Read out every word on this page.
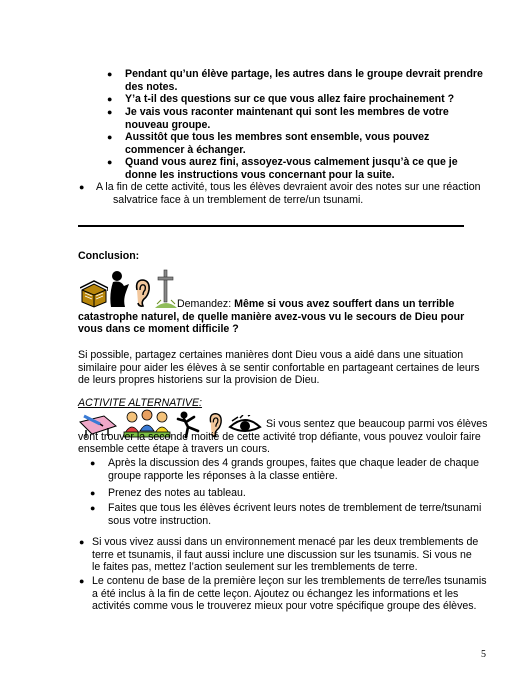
● Pendant qu’un élève partage, les autres dans le groupe devrait prendre
des notes.
● Y’a t-il des questions sur ce que vous allez faire prochainement ?
● Je vais vous raconter maintenant qui sont les membres de votre
nouveau groupe.
● Aussitôt que tous les membres sont ensemble, vous pouvez
commencer à échanger.
● Quand vous aurez fini, assoyez-vous calmement jusqu’à ce que je
donne les instructions vous concernant pour la suite.
● A la fin de cette activité, tous les élèves devraient avoir des notes sur une réaction
salvatrice face à un tremblement de terre/un tsunami.
Conclusion:
Demandez: Même si vous avez souffert dans un terrible
catastrophe naturel, de quelle manière avez-vous vu le secours de Dieu pour
vous dans ce moment difficile ?
Si possible, partagez certaines manières dont Dieu vous a aidé dans une situation
similaire pour aider les élèves à se sentir confortable en partageant certaines de leurs
de leurs propres historiens sur la provision de Dieu.
ACTIVITE ALTERNATIVE:
Si vous sentez que beaucoup parmi vos élèves
vont trouver la seconde moitié de cette activité trop défiante, vous pouvez vouloir faire
ensemble cette étape à travers un cours.
● Après la discussion des 4 grands groupes, faites que chaque leader de chaque
groupe rapporte les réponses à la classe entière.
● Prenez des notes au tableau.
● Faites que tous les élèves écrivent leurs notes de tremblement de terre/tsunami
sous votre instruction.
● Si vous vivez aussi dans un environnement menacé par les deux tremblements de
terre et tsunamis, il faut aussi inclure une discussion sur les tsunamis. Si vous ne
le faites pas, mettez l’action seulement sur les tremblements de terre.
● Le contenu de base de la première leçon sur les tremblements de terre/les tsunamis
a été inclus à la fin de cette leçon. Ajoutez ou échangez les informations et les
activités comme vous le trouverez mieux pour votre spécifique groupe des élèves.
5
